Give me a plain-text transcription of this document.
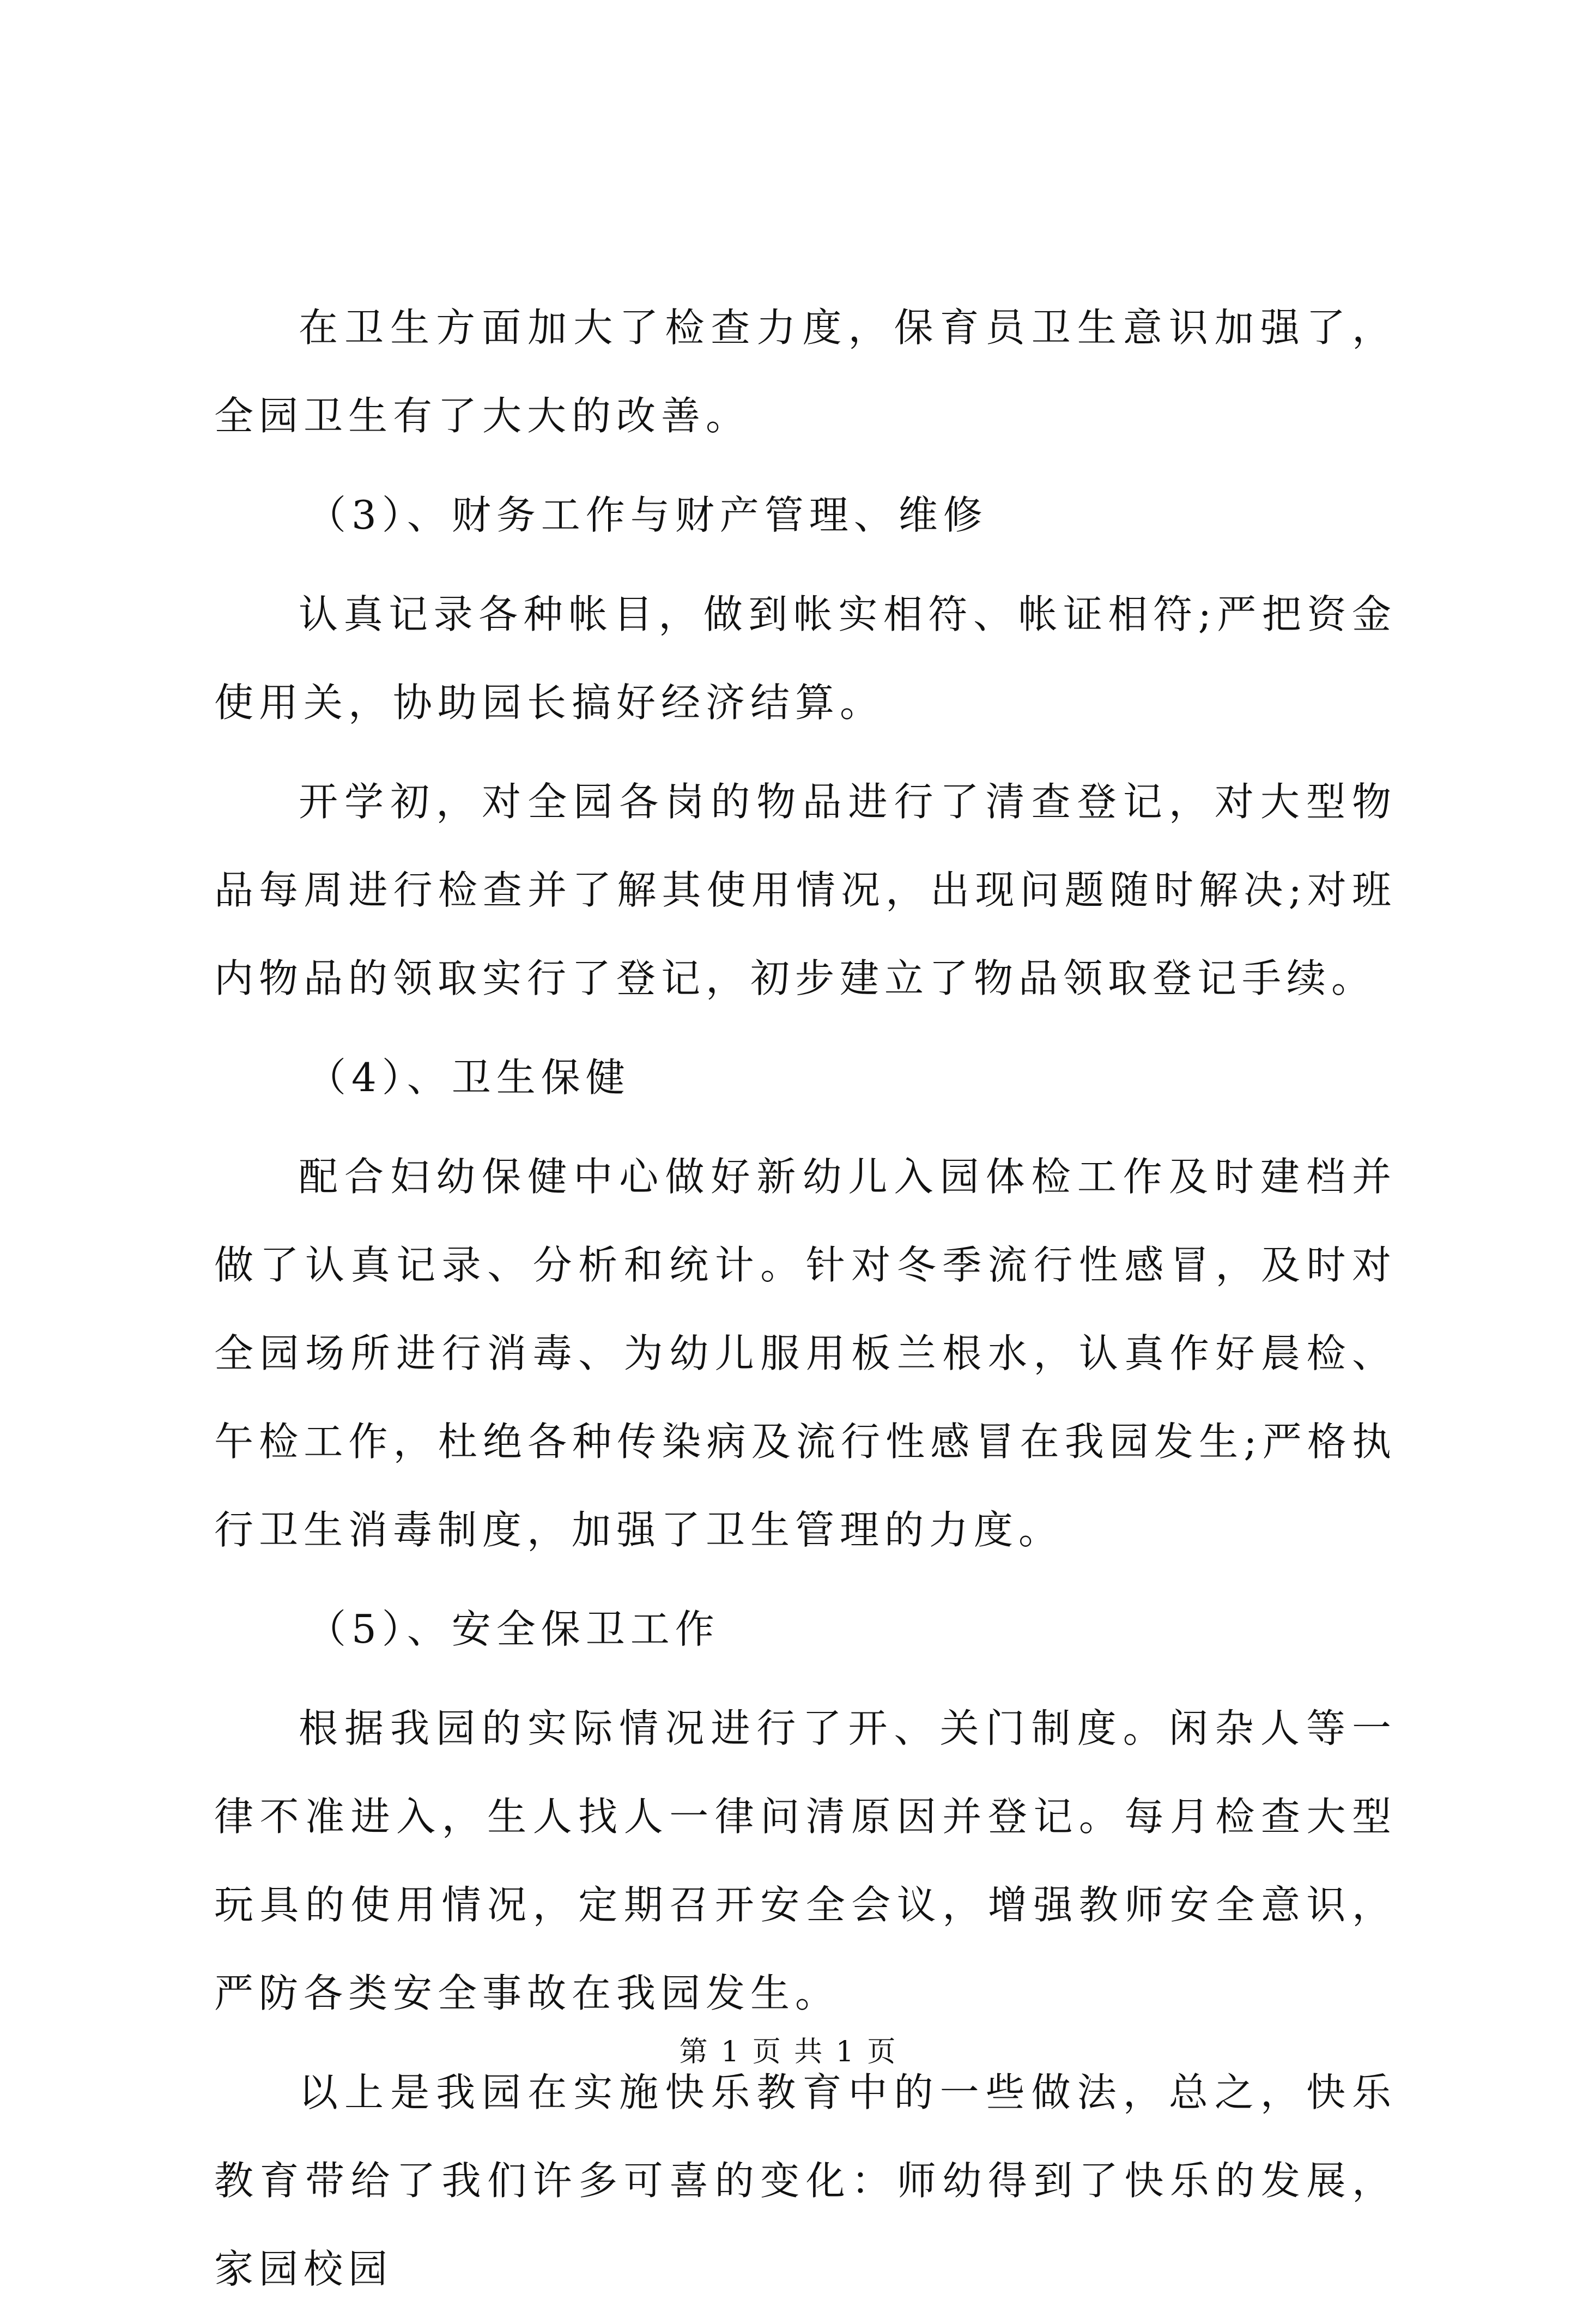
在卫生方面加大了检查力度，保育员卫生意识加强了，全园卫生有了大大的改善。

（3）、财务工作与财产管理、维修

认真记录各种帐目，做到帐实相符、帐证相符;严把资金使用关，协助园长搞好经济结算。

开学初，对全园各岗的物品进行了清查登记，对大型物品每周进行检查并了解其使用情况，出现问题随时解决;对班内物品的领取实行了登记，初步建立了物品领取登记手续。

（4）、卫生保健

配合妇幼保健中心做好新幼儿入园体检工作及时建档并做了认真记录、分析和统计。针对冬季流行性感冒，及时对全园场所进行消毒、为幼儿服用板兰根水，认真作好晨检、午检工作，杜绝各种传染病及流行性感冒在我园发生;严格执行卫生消毒制度，加强了卫生管理的力度。

（5）、安全保卫工作

根据我园的实际情况进行了开、关门制度。闲杂人等一律不准进入，生人找人一律问清原因并登记。每月检查大型玩具的使用情况，定期召开安全会议，增强教师安全意识，严防各类安全事故在我园发生。

以上是我园在实施快乐教育中的一些做法，总之，快乐教育带给了我们许多可喜的变化：师幼得到了快乐的发展，家园校园

第 1 页 共 1 页
